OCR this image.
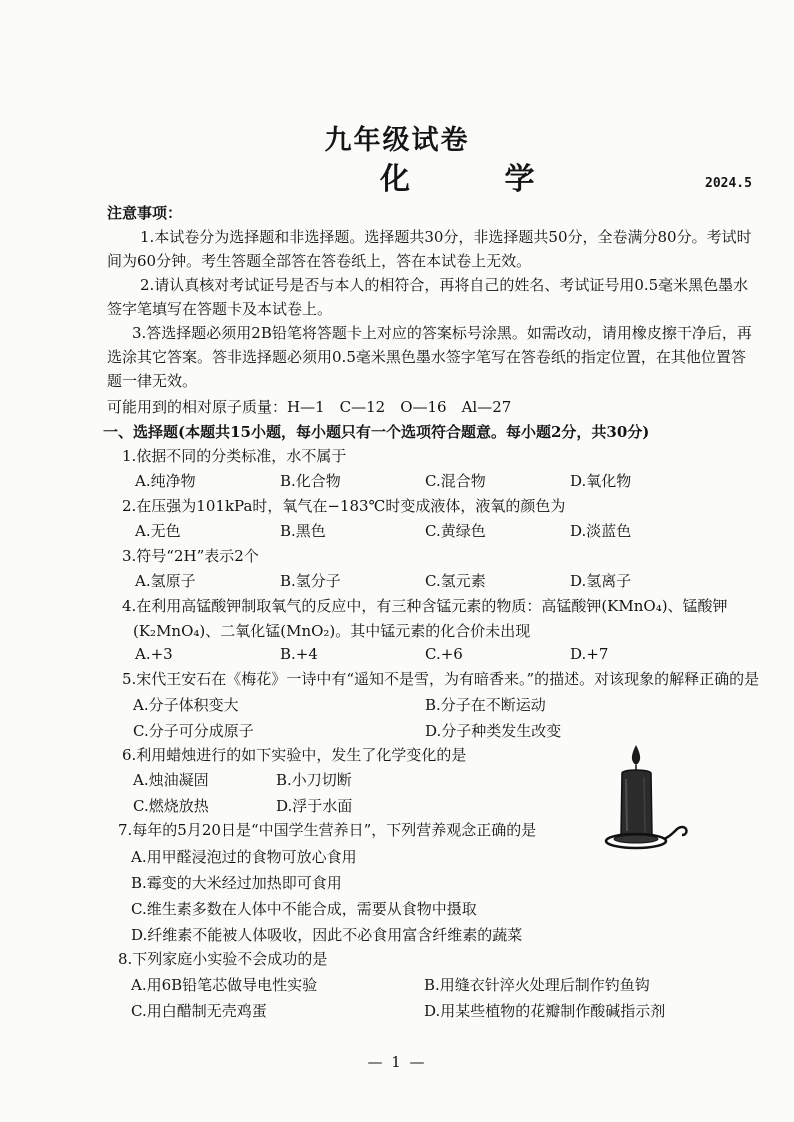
九年级试卷
化 学	2024.5
注意事项：
1.本试卷分为选择题和非选择题。选择题共30分，非选择题共50分，全卷满分80分。考试时
间为60分钟。考生答题全部答在答卷纸上，答在本试卷上无效。
2.请认真核对考试证号是否与本人的相符合，再将自己的姓名、考试证号用0.5毫米黑色墨水
签字笔填写在答题卡及本试卷上。
3.答选择题必须用2B铅笔将答题卡上对应的答案标号涂黑。如需改动，请用橡皮擦干净后，再
选涂其它答案。答非选择题必须用0.5毫米黑色墨水签字笔写在答卷纸的指定位置，在其他位置答
题一律无效。
可能用到的相对原子质量：H—1　C—12　O—16　Al—27
一、选择题(本题共15小题，每小题只有一个选项符合题意。每小题2分，共30分)
1.依据不同的分类标准，水不属于
A.纯净物	B.化合物	C.混合物	D.氧化物
2.在压强为101kPa时，氧气在−183℃时变成液体，液氧的颜色为
A.无色	B.黑色	C.黄绿色	D.淡蓝色
3.符号“2H”表示2个
A.氢原子	B.氢分子	C.氢元素	D.氢离子
4.在利用高锰酸钾制取氧气的反应中，有三种含锰元素的物质：高锰酸钾(KMnO₄)、锰酸钾
(K₂MnO₄)、二氧化锰(MnO₂)。其中锰元素的化合价未出现
A.+3	B.+4	C.+6	D.+7
5.宋代王安石在《梅花》一诗中有“遥知不是雪，为有暗香来。”的描述。对该现象的解释正确的是
A.分子体积变大	B.分子在不断运动
C.分子可分成原子	D.分子种类发生改变
6.利用蜡烛进行的如下实验中，发生了化学变化的是
A.烛油凝固	B.小刀切断
C.燃烧放热	D.浮于水面
7.每年的5月20日是“中国学生营养日”，下列营养观念正确的是
A.用甲醛浸泡过的食物可放心食用
B.霉变的大米经过加热即可食用
C.维生素多数在人体中不能合成，需要从食物中摄取
D.纤维素不能被人体吸收，因此不必食用富含纤维素的蔬菜
8.下列家庭小实验不会成功的是
A.用6B铅笔芯做导电性实验	B.用缝衣针淬火处理后制作钓鱼钩
C.用白醋制无壳鸡蛋	D.用某些植物的花瓣制作酸碱指示剂
— 1 —
